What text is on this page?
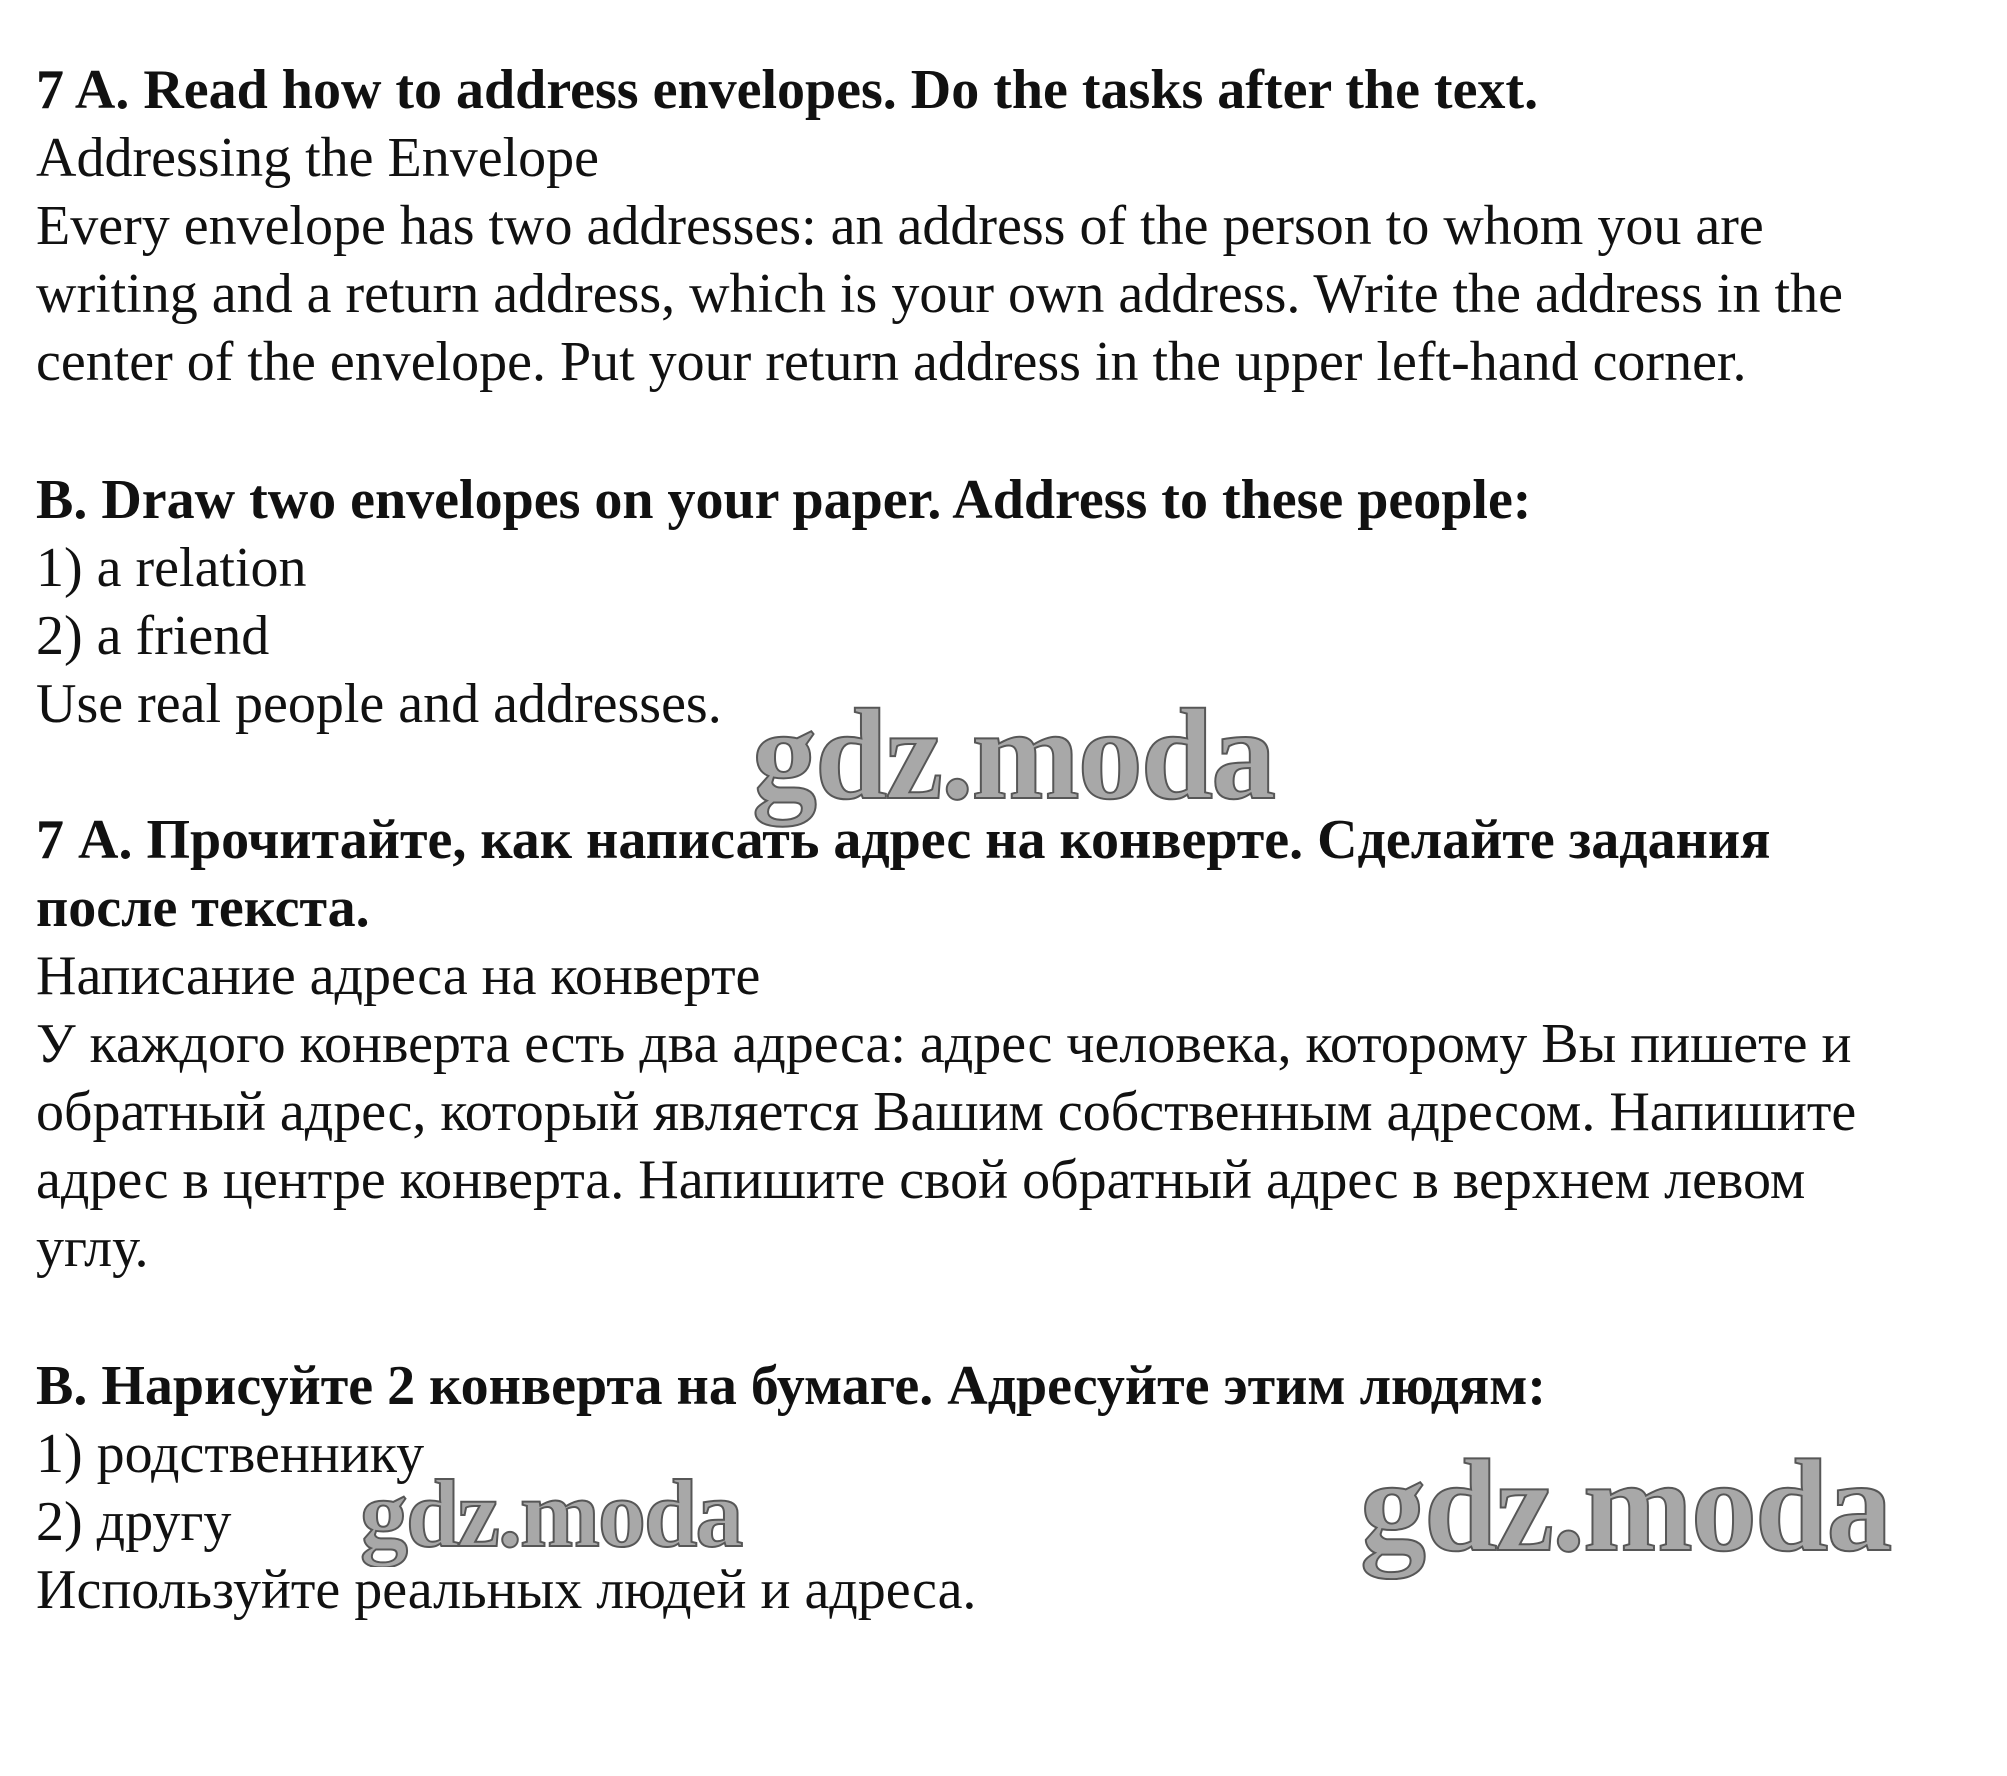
7 A. Read how to address envelopes. Do the tasks after the text.
Addressing the Envelope
Every envelope has two addresses: an address of the person to whom you are
writing and a return address, which is your own address. Write the address in the
center of the envelope. Put your return address in the upper left-hand corner.
B. Draw two envelopes on your paper. Address to these people:
1) a relation
2) a friend
Use real people and addresses.
7 А. Прочитайте, как написать адрес на конверте. Сделайте задания
после текста.
Написание адреса на конверте
У каждого конверта есть два адреса: адрес человека, которому Вы пишете и
обратный адрес, который является Вашим собственным адресом. Напишите
адрес в центре конверта. Напишите свой обратный адрес в верхнем левом
углу.
В. Нарисуйте 2 конверта на бумаге. Адресуйте этим людям:
1) родственнику
2) другу
Используйте реальных людей и адреса.
gdz.moda
gdz.moda	gdz.moda
